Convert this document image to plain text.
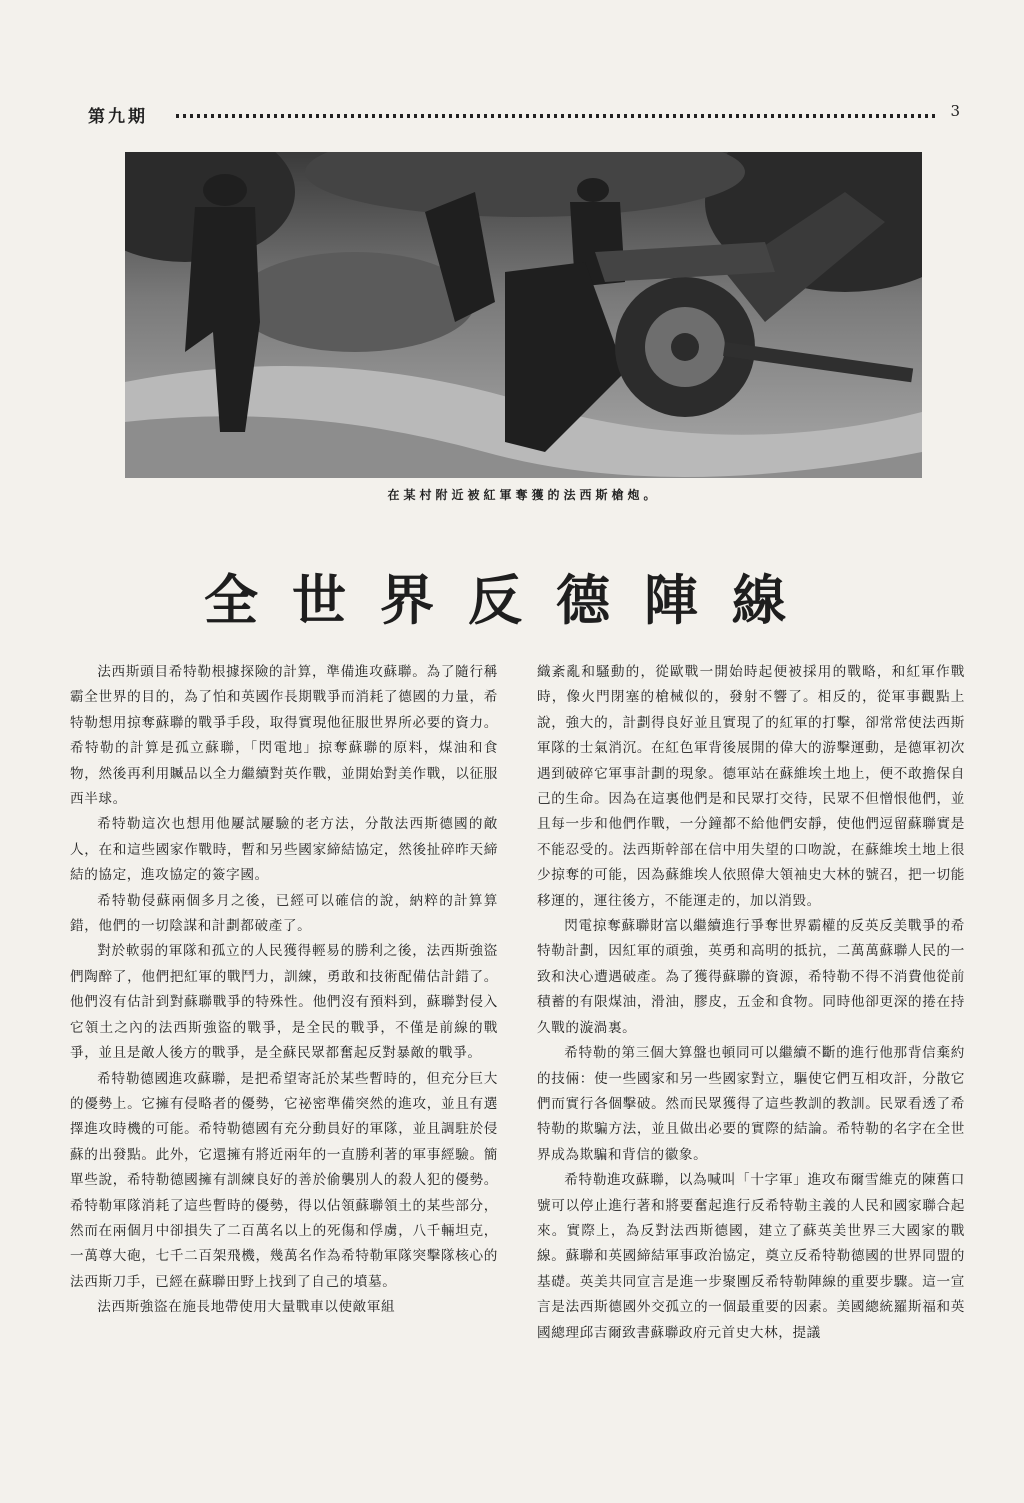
第九期	3
在某村附近被紅軍奪獲的法西斯槍炮。
全世界反德陣線

法西斯頭目希特勒根據探險的計算，準備進攻蘇聯。為了隨行稱霸全世界的目的，為了怕和英國作長期戰爭而消耗了德國的力量，希特勒想用掠奪蘇聯的戰爭手段，取得實現他征服世界所必要的資力。希特勒的計算是孤立蘇聯，「閃電地」掠奪蘇聯的原料，煤油和食物，然後再利用贓品以全力繼續對英作戰，並開始對美作戰，以征服西半球。

希特勒這次也想用他屢試屢驗的老方法，分散法西斯德國的敵人，在和這些國家作戰時，暫和另些國家締結協定，然後扯碎昨天締結的協定，進攻協定的簽字國。

希特勒侵蘇兩個多月之後，已經可以確信的說，納粹的計算算錯，他們的一切陰謀和計劃都破產了。

對於軟弱的軍隊和孤立的人民獲得輕易的勝利之後，法西斯強盜們陶醉了，他們把紅軍的戰鬥力，訓練，勇敢和技術配備估計錯了。他們沒有估計到對蘇聯戰爭的特殊性。他們沒有預料到，蘇聯對侵入它領土之內的法西斯強盜的戰爭，是全民的戰爭，不僅是前線的戰爭，並且是敵人後方的戰爭，是全蘇民眾都奮起反對暴敵的戰爭。

希特勒德國進攻蘇聯，是把希望寄託於某些暫時的，但充分巨大的優勢上。它擁有侵略者的優勢，它祕密準備突然的進攻，並且有選擇進攻時機的可能。希特勒德國有充分動員好的軍隊，並且調駐於侵蘇的出發點。此外，它還擁有將近兩年的一直勝利著的軍事經驗。簡單些說，希特勒德國擁有訓練良好的善於偷襲別人的殺人犯的優勢。希特勒軍隊消耗了這些暫時的優勢，得以佔領蘇聯領土的某些部分，然而在兩個月中卻損失了二百萬名以上的死傷和俘虜，八千輛坦克，一萬尊大砲，七千二百架飛機，幾萬名作為希特勒軍隊突擊隊核心的法西斯刀手，已經在蘇聯田野上找到了自己的墳墓。

法西斯強盜在施長地帶使用大量戰車以使敵軍組

織紊亂和騷動的，從歐戰一開始時起便被採用的戰略，和紅軍作戰時，像火門閉塞的槍械似的，發射不響了。相反的，從軍事觀點上說，強大的，計劃得良好並且實現了的紅軍的打擊，卻常常使法西斯軍隊的士氣消沉。在紅色軍背後展開的偉大的游擊運動，是德軍初次遇到破碎它軍事計劃的現象。德軍站在蘇維埃土地上，便不敢擔保自己的生命。因為在這裏他們是和民眾打交待，民眾不但憎恨他們，並且每一步和他們作戰，一分鐘都不給他們安靜，使他們逗留蘇聯實是不能忍受的。法西斯幹部在信中用失望的口吻說，在蘇維埃土地上很少掠奪的可能，因為蘇維埃人依照偉大領袖史大林的號召，把一切能移運的，運往後方，不能運走的，加以消毀。

閃電掠奪蘇聯財富以繼續進行爭奪世界霸權的反英反美戰爭的希特勒計劃，因紅軍的頑強，英勇和高明的抵抗，二萬萬蘇聯人民的一致和決心遭遇破產。為了獲得蘇聯的資源，希特勒不得不消費他從前積蓄的有限煤油，滑油，膠皮，五金和食物。同時他卻更深的捲在持久戰的漩渦裏。

希特勒的第三個大算盤也頓同可以繼續不斷的進行他那背信棄約的技倆：使一些國家和另一些國家對立，驅使它們互相攻訐，分散它們而實行各個擊破。然而民眾獲得了這些教訓的教訓。民眾看透了希特勒的欺騙方法，並且做出必要的實際的結論。希特勒的名字在全世界成為欺騙和背信的徽象。

希特勒進攻蘇聯，以為喊叫「十字軍」進攻布爾雪維克的陳舊口號可以停止進行著和將要奮起進行反希特勒主義的人民和國家聯合起來。實際上，為反對法西斯德國，建立了蘇英美世界三大國家的戰線。蘇聯和英國締結軍事政治協定，奠立反希特勒德國的世界同盟的基礎。英美共同宣言是進一步聚團反希特勒陣線的重要步驟。這一宣言是法西斯德國外交孤立的一個最重要的因素。美國總統羅斯福和英國總理邱吉爾致書蘇聯政府元首史大林，提議
